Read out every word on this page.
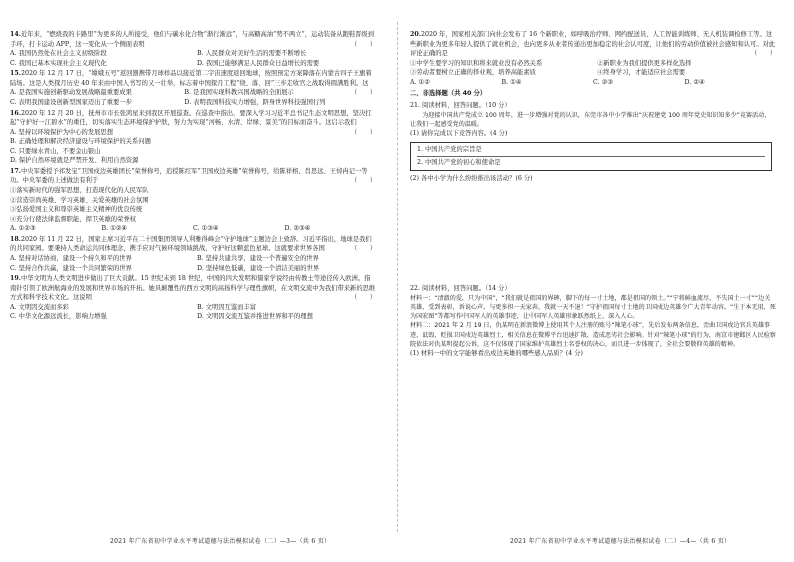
14.近年来，“燃烧我的卡路里”为更多的人所接受，他们与碳水化合物“渐行渐远”，与高糖高油“势不两立”，运动装备从跑鞋晋级到手环，打卡运动 APP，这一变化从一个侧面表明	（　　）
A. 我国仍然处在社会主义初级阶段	B. 人民群众对美好生活的需要不断增长
C. 我国已基本实现社会主义现代化	D. 我国已能够满足人民群众日益增长的需要
15.2020 年 12 月 17 日，“嫦娥五号”返回器携带月球样品以接近第二宇宙速度返回地球，按照预定方案降落在内蒙古四子王旗着陆场。这是人类探月历史 40 年来由中国人书写的又一壮举，标志着中国探月工程“绕、落、回”三步走收官之战取得圆满胜利。这
（　　）
A. 是我国实施创新驱动发展战略最重要成果	B. 是我国实现科教兴国战略的全面展示
C. 表明我国建设创新型国家迈出了重要一步	D. 表明我国科技实力增强，跻身世界科技强国行列
16.2020 年 12 月 20 日，抚州市市长张鸿星来到我区开展巡查。在巡查中指出，要深入学习习近平总书记生态文明思想，坚决扛起“守护好一江碧水”的重任，切实落实生态环境保护护肤，努力为实现“河畅、水清、岸绿、景美”的目标而奋斗。这启示我们
（　　）
A. 坚持以环境保护为中心的发展思想
B. 正确处理和解决经济建设与环境保护的关系问题
C. 只要绿水青山，不要金山银山
D. 保护自然环境就是严禁开发、利用自然资源
17.中央军委授予祁发宝“卫国戍边英雄团长”荣誉称号，追授陈红军“卫国戍边英雄”荣誉称号，给陈祥榕、肖思远、王焯冉记一等功。中央军委的上述做法有利于	（　　）
①落实新时代的强军思想，打造现代化的人民军队
②营造崇尚英雄、学习英雄、关爱英雄的社会氛围
③弘扬爱国主义和尊崇英雄主义精神的优良传统
④充分行使法律监督职能，捍卫英雄的荣誉权
A. ①②③	B. ①②④	C. ①③④	D. ②③④
18.2020 年 11 月 22 日，国家主席习近平在二十国集团领导人利雅得峰会“守护地球”主题边会上致辞。习近平指出，地球是我们的共同家园。要秉持人类命运共同体理念，携手应对气候环境领域挑战，守护好这颗蓝色星球。这就要求世界各国	（　　）
A. 坚持对话协商，建设一个持久和平的世界	B. 坚持共建共享，建设一个普遍安全的世界
C. 坚持合作共赢，建设一个共同繁荣的世界	D. 坚持绿色低碳，建设一个清洁美丽的世界
19.中华文明为人类文明进步做出了巨大贡献。15 世纪末到 18 世纪，中国的四大发明和儒家学说经由传教士等途径传入欧洲。指南针引领了欧洲航海业的发展和世界市场的开拓。她具颠覆性的西方文明的高扬科学与理性旗帜，在文明交流中为我们带来新的思维方式和科学技术文化。这说明	（　　）
A. 文明因交流而多彩	B. 文明因互鉴而丰富
C. 中华文化源远流长，影响力增强	D. 文明因交流互鉴并推进世界和平的理想
20.2020 年，国家相关部门向社会发布了 16 个新职业，如呼吸治疗师、网约配送员、人工智能训练师、无人机装调检修工等。这些新职业为更多年轻人提供了就业机会，也向更多从业者传递出更加稳定的社会认可度，让他们的劳动价值被社会感知和认可。对此评论正确的是	（　　）
①中学生要学习的知识和将来就业没有必然关系	②新职业为我们提供更多样化选择
③劳动者要树立正确的择业观，培养高能素质	④终身学习，才能适应社会需要
A. ①②	B. ①④	C. ②③	D. ②④
二、非选择题（共 40 分）
21. 阅读材料，回答问题。（10 分）
为迎接中国共产党成立 100 周年，进一步增强对党的认识，东莞市各中小学推出“庆祝建党 100 周年党史知识知多少”竞赛活动，让我们一起感受党的温暖。
(1) 请你完成以下竞答内容。(4 分)
1. 中国共产党的宗旨是
2. 中国共产党的初心和使命是
(2) 各中小学为什么纷纷推出该活动？(6 分)
22. 阅读材料，回答问题。（14 分）
材料一：“清澈的爱，只为中国”，“我们就是祖国的界碑，脚下的每一寸土地，都是祖国的领土。”“宁将鲜血流尽，不失国土一寸”“边关英雄，受到表彰，诉说心声。与更多担一天家奔，我就一天不退！”守护祖国每寸土地的卫国戍边英雄令广大青年动容。“生于本无用，死为国宏图”等都写作中国军人的英雄事迹，让中国军人英雄形象跃然纸上，深入人心。
材料二：2021 年 2 月 19 日，仇某明在新浪微博上使用其个人注册的账号“辣笔小球”，先后发布两条信息，歪曲卫国戍边官兵英雄事迹，诋毁、贬损卫国戍边英雄烈士，相关信息在微博平台迅速扩散，造成恶劣社会影响。针对“辣笔小球”的行为，南京市建邺区人民检察院依法对仇某明提起公诉，这不仅体现了国家维护英雄烈士名誉权的决心，而且进一步体现了，全社会要敬仰英雄的精神。
(1) 材料一中的文字能够看出戍边英雄的哪些感人品质？(4 分)
2021 年广东省初中学业水平考试道德与法治模拟试卷（二）—3—（共 6 页）	2021 年广东省初中学业水平考试道德与法治模拟试卷（二）—4—（共 6 页）
